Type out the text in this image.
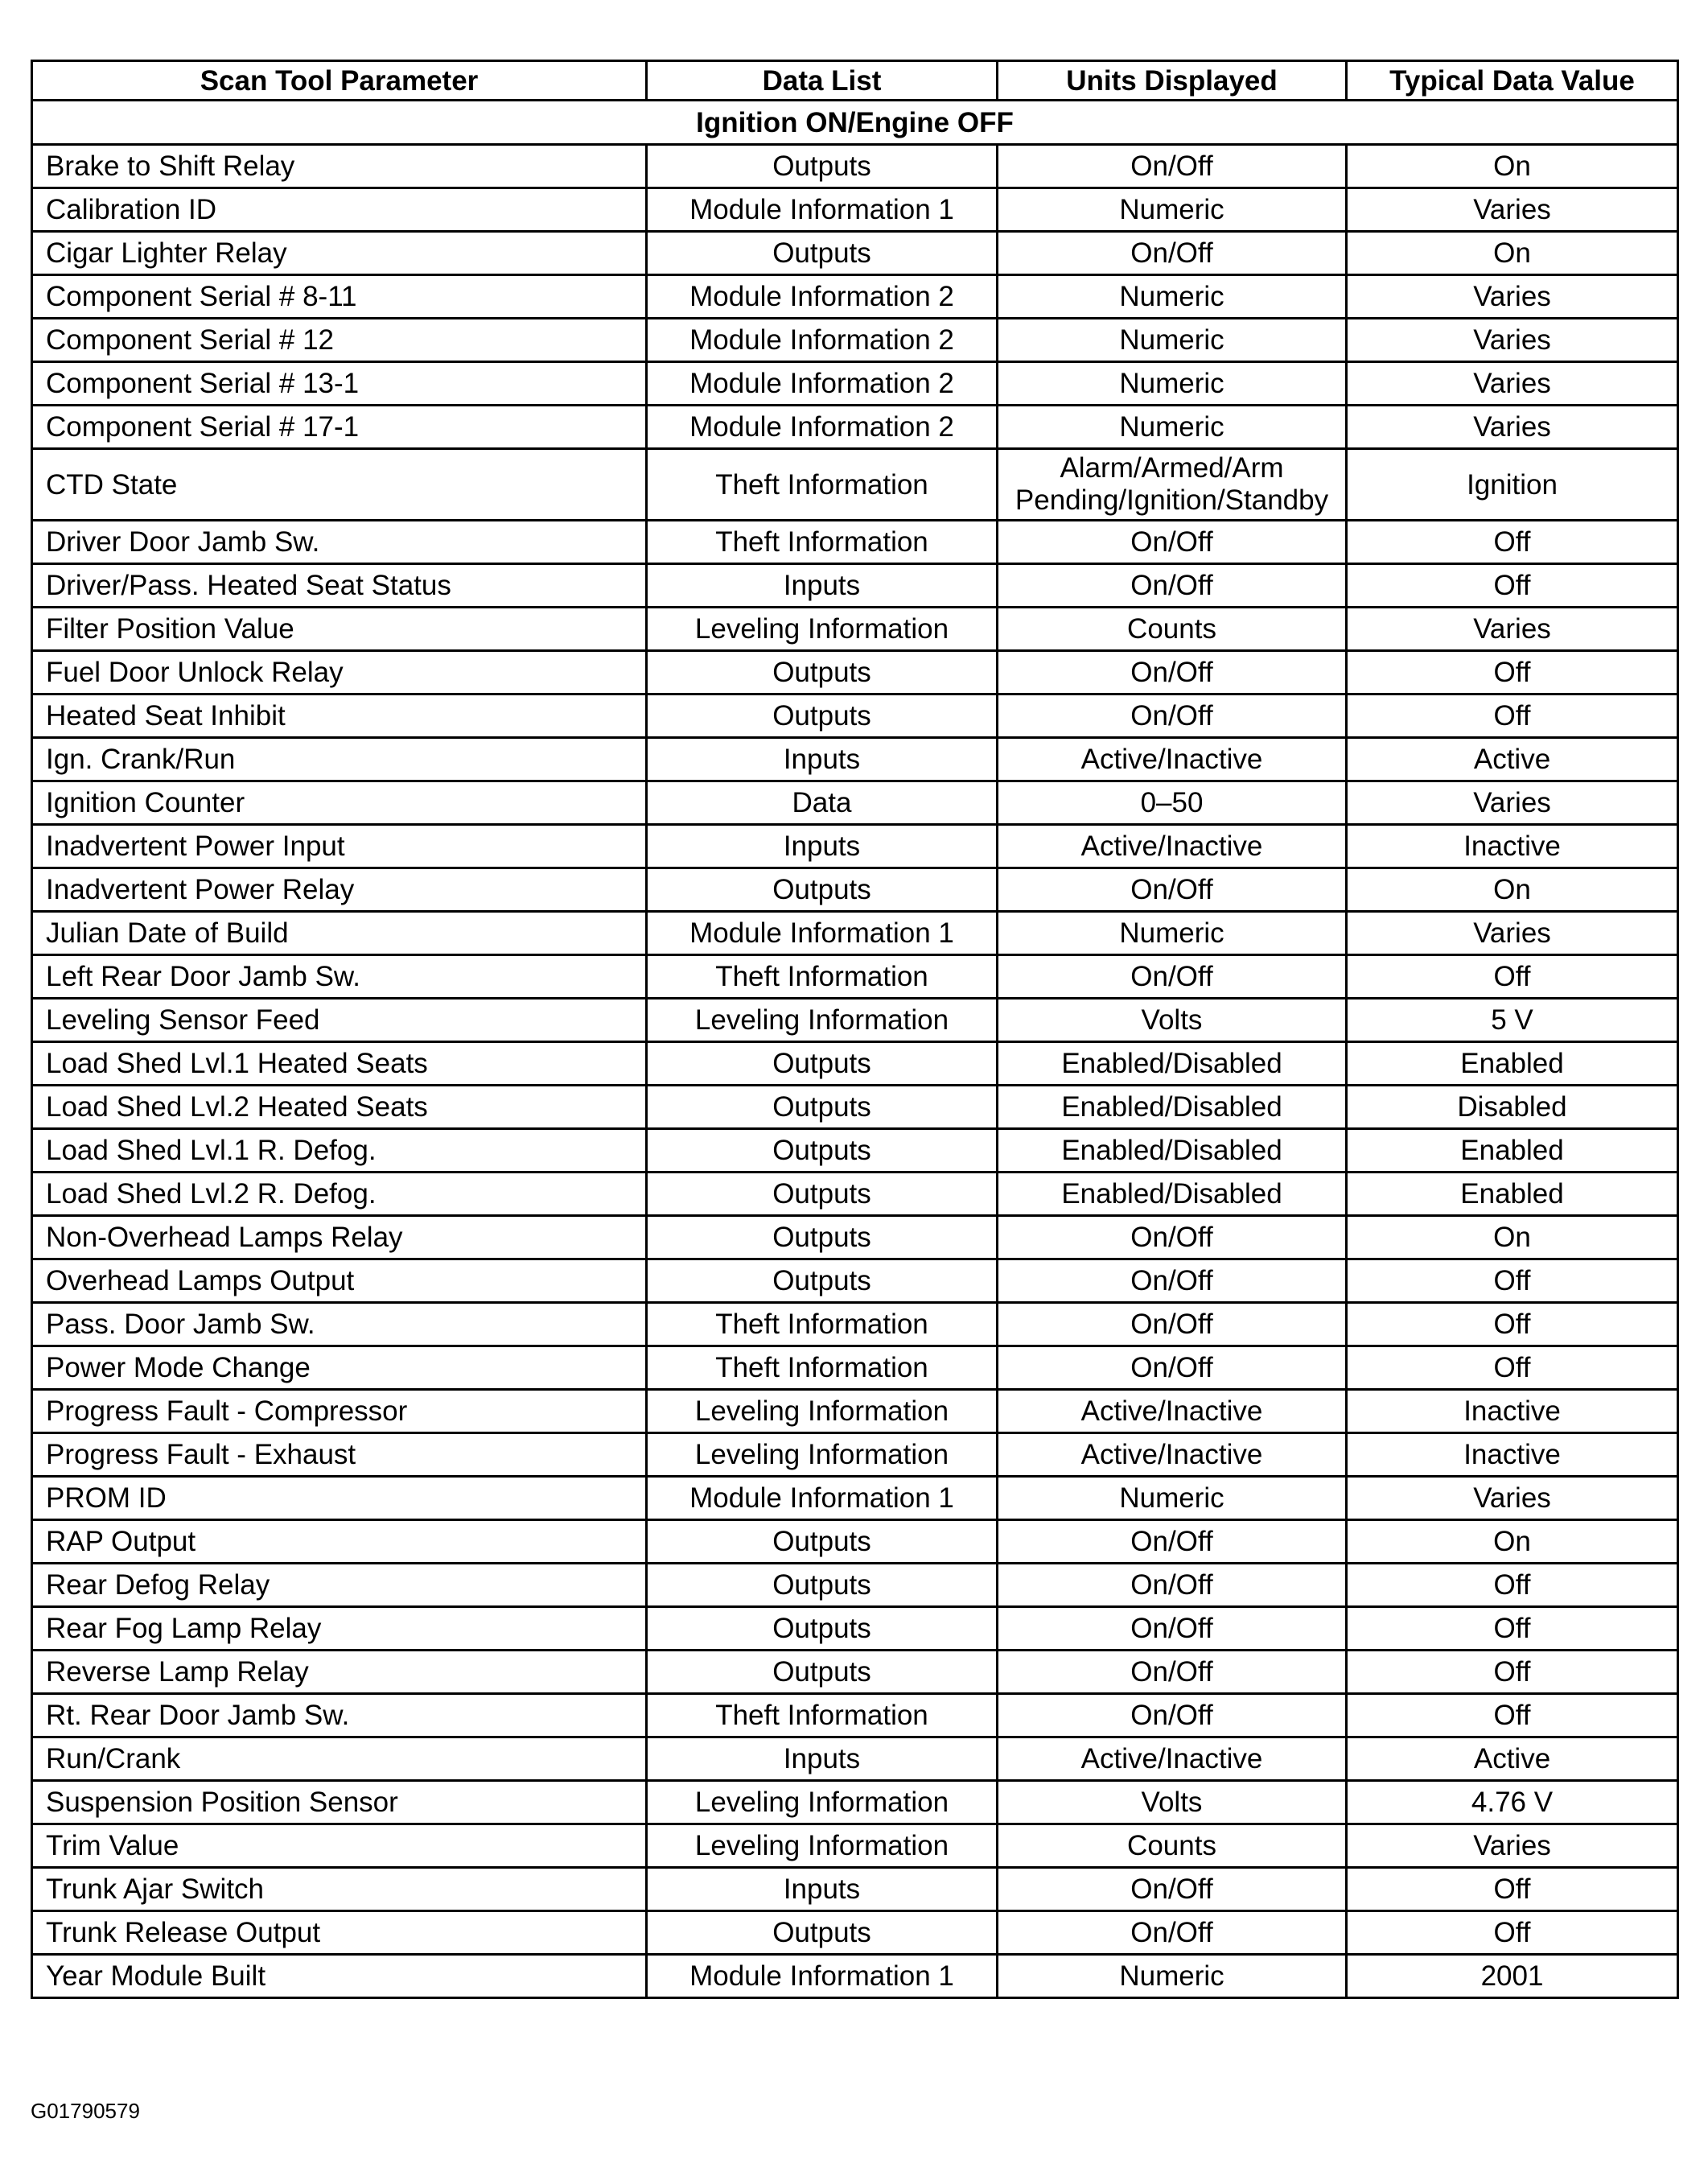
Scan Tool Parameter	Data List	Units Displayed	Typical Data Value
Ignition ON/Engine OFF			
Brake to Shift Relay	Outputs	On/Off	On
Calibration ID	Module Information 1	Numeric	Varies
Cigar Lighter Relay	Outputs	On/Off	On
Component Serial # 8-11	Module Information 2	Numeric	Varies
Component Serial # 12	Module Information 2	Numeric	Varies
Component Serial # 13-1	Module Information 2	Numeric	Varies
Component Serial # 17-1	Module Information 2	Numeric	Varies
CTD State	Theft Information	Alarm/Armed/Arm Pending/Ignition/Standby	Ignition
Driver Door Jamb Sw.	Theft Information	On/Off	Off
Driver/Pass. Heated Seat Status	Inputs	On/Off	Off
Filter Position Value	Leveling Information	Counts	Varies
Fuel Door Unlock Relay	Outputs	On/Off	Off
Heated Seat Inhibit	Outputs	On/Off	Off
Ign. Crank/Run	Inputs	Active/Inactive	Active
Ignition Counter	Data	0–50	Varies
Inadvertent Power Input	Inputs	Active/Inactive	Inactive
Inadvertent Power Relay	Outputs	On/Off	On
Julian Date of Build	Module Information 1	Numeric	Varies
Left Rear Door Jamb Sw.	Theft Information	On/Off	Off
Leveling Sensor Feed	Leveling Information	Volts	5 V
Load Shed Lvl.1 Heated Seats	Outputs	Enabled/Disabled	Enabled
Load Shed Lvl.2 Heated Seats	Outputs	Enabled/Disabled	Disabled
Load Shed Lvl.1 R. Defog.	Outputs	Enabled/Disabled	Enabled
Load Shed Lvl.2 R. Defog.	Outputs	Enabled/Disabled	Enabled
Non-Overhead Lamps Relay	Outputs	On/Off	On
Overhead Lamps Output	Outputs	On/Off	Off
Pass. Door Jamb Sw.	Theft Information	On/Off	Off
Power Mode Change	Theft Information	On/Off	Off
Progress Fault - Compressor	Leveling Information	Active/Inactive	Inactive
Progress Fault - Exhaust	Leveling Information	Active/Inactive	Inactive
PROM ID	Module Information 1	Numeric	Varies
RAP Output	Outputs	On/Off	On
Rear Defog Relay	Outputs	On/Off	Off
Rear Fog Lamp Relay	Outputs	On/Off	Off
Reverse Lamp Relay	Outputs	On/Off	Off
Rt. Rear Door Jamb Sw.	Theft Information	On/Off	Off
Run/Crank	Inputs	Active/Inactive	Active
Suspension Position Sensor	Leveling Information	Volts	4.76 V
Trim Value	Leveling Information	Counts	Varies
Trunk Ajar Switch	Inputs	On/Off	Off
Trunk Release Output	Outputs	On/Off	Off
Year Module Built	Module Information 1	Numeric	2001
G01790579
